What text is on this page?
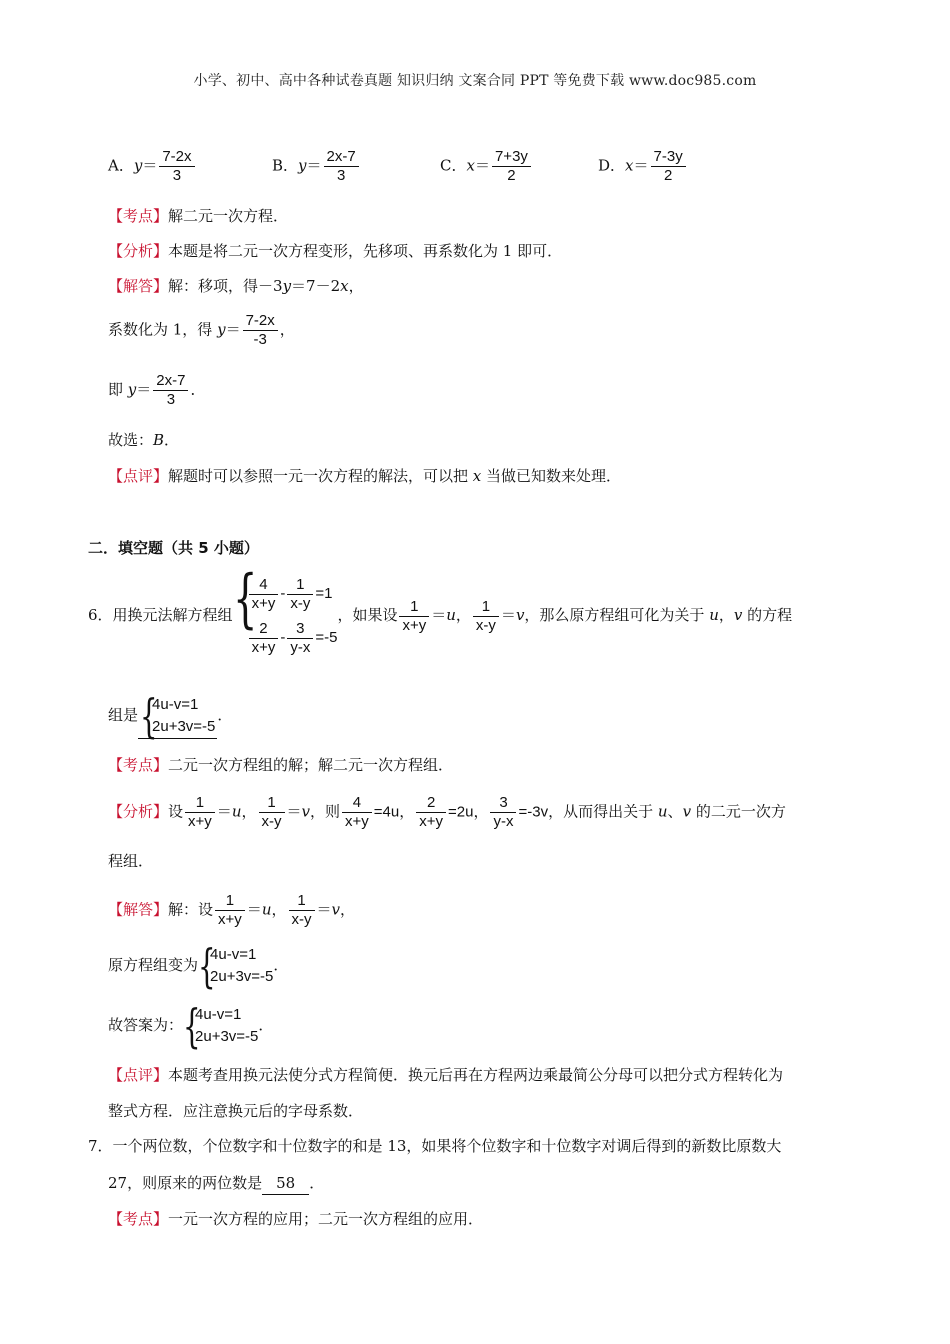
小学、初中、高中各种试卷真题 知识归纳 文案合同 PPT 等免费下载 www.doc985.com
A．$y= \frac{7-2x}{3}$	B．$y= \frac{2x-7}{3}$	C．$x= \frac{7+3y}{2}$	D．$x= \frac{7-3y}{2}$
【考点】解二元一次方程．
【分析】本题是将二元一次方程变形，先移项、再系数化为 1 即可．
【解答】解：移项，得－3y＝7－2x，
系数化为 1，得 $y= \frac{7-2x}{-3}$ ，
即 $y= \frac{2x-7}{3}$ ．
故选：B．
【点评】解题时可以参照一元一次方程的解法，可以把 x 当做已知数来处理．
二．填空题（共 5 小题）
6．用换元法解方程组 {
$\frac{4}{x+y} - \frac{1}{x-y} =1$
$\frac{2}{x+y} - \frac{3}{y-x} =-5$
，如果设 $\frac{1}{x+y} =u$， $\frac{1}{x-y} =v$，那么原方程组可化为关于 u，v 的方程
组是 {
4u-v=1
2u+3v=-5
．
【考点】二元一次方程组的解；解二元一次方程组．
【分析】设 $\frac{1}{x+y} =u$， $\frac{1}{x-y} =v$，则 $\frac{4}{x+y} =4u$， $\frac{2}{x+y} =2u$， $\frac{3}{y-x} =-3v$，从而得出关于 u、v 的二元一次方
程组．
【解答】解：设 $\frac{1}{x+y} =u$， $\frac{1}{x-y} =v$，
原方程组变为 {
4u-v=1
2u+3v=-5
．
故答案为： {
4u-v=1
2u+3v=-5
．
【点评】本题考查用换元法使分式方程简便．换元后再在方程两边乘最简公分母可以把分式方程转化为
整式方程．应注意换元后的字母系数．
7．一个两位数，个位数字和十位数字的和是 13，如果将个位数字和十位数字对调后得到的新数比原数大
27，则原来的两位数是 58 ．
【考点】一元一次方程的应用；二元一次方程组的应用．
